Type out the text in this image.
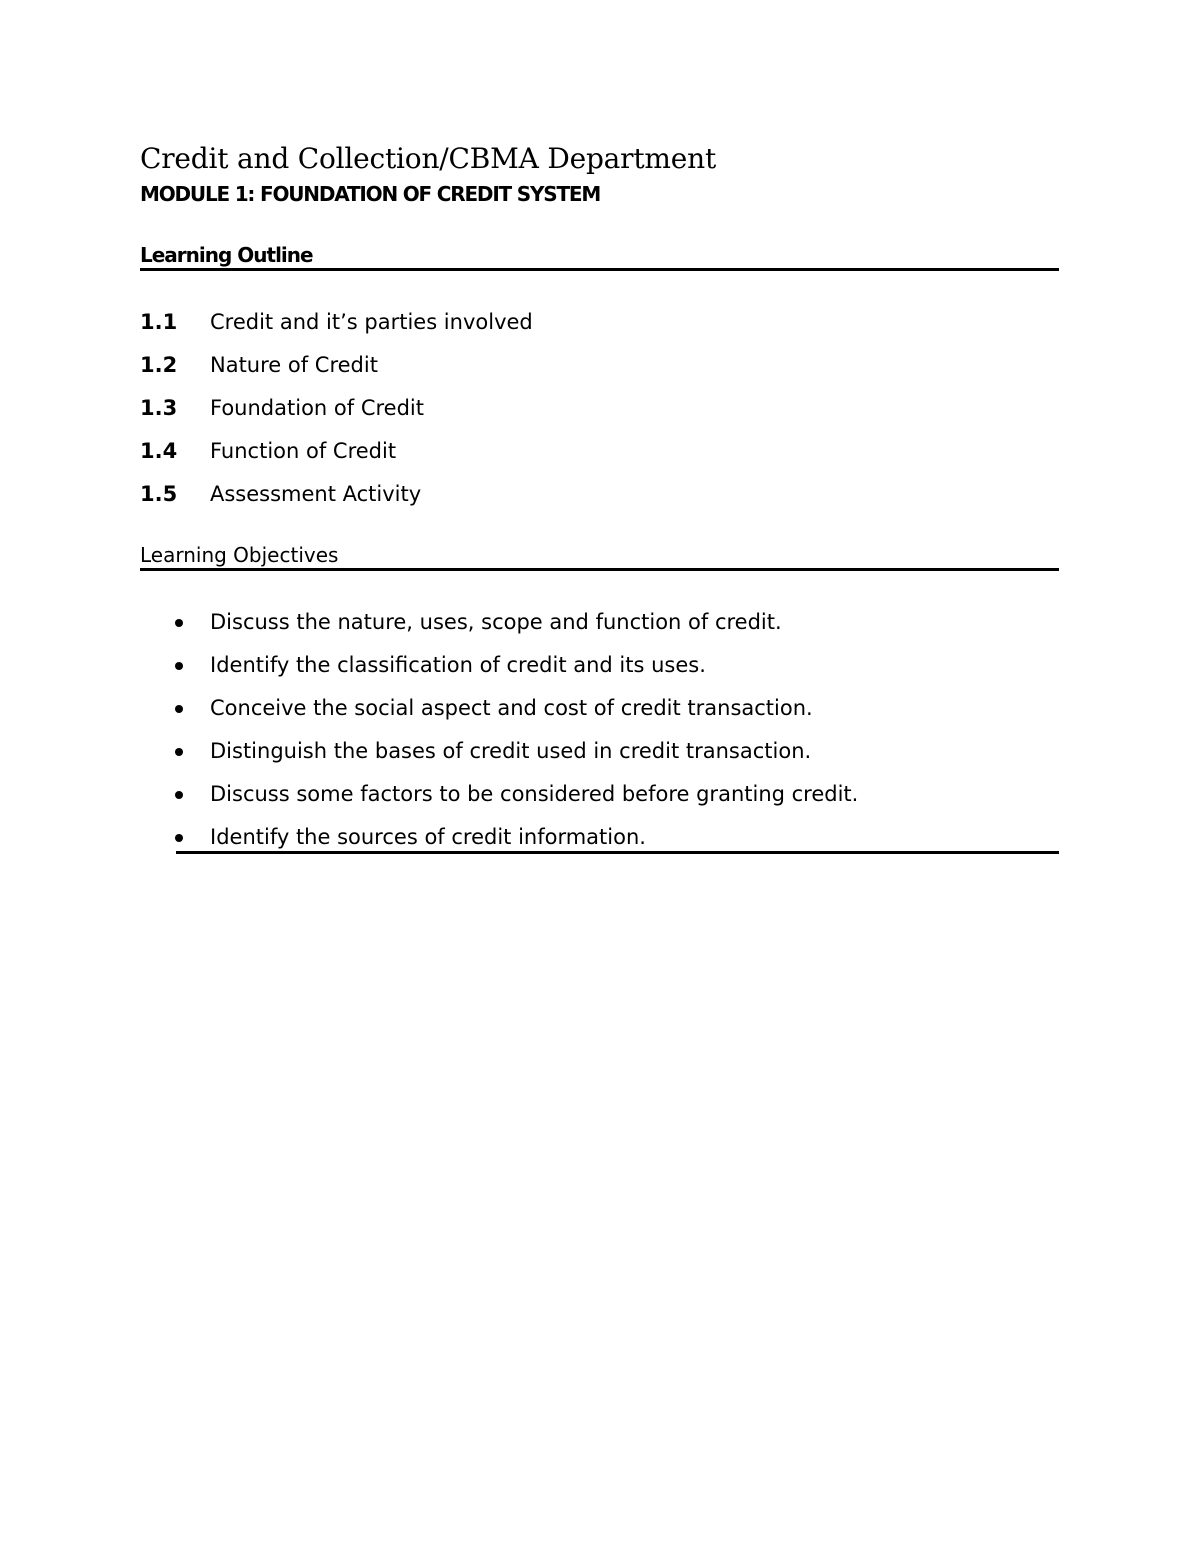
Credit and Collection/CBMA Department
MODULE 1: FOUNDATION OF CREDIT SYSTEM
Learning Outline
1.1	Credit and it’s parties involved
1.2	Nature of Credit
1.3	Foundation of Credit
1.4	Function of Credit
1.5	Assessment Activity
Learning Objectives
Discuss the nature, uses, scope and function of credit.
Identify the classification of credit and its uses.
Conceive the social aspect and cost of credit transaction.
Distinguish the bases of credit used in credit transaction.
Discuss some factors to be considered before granting credit.
Identify the sources of credit information.
